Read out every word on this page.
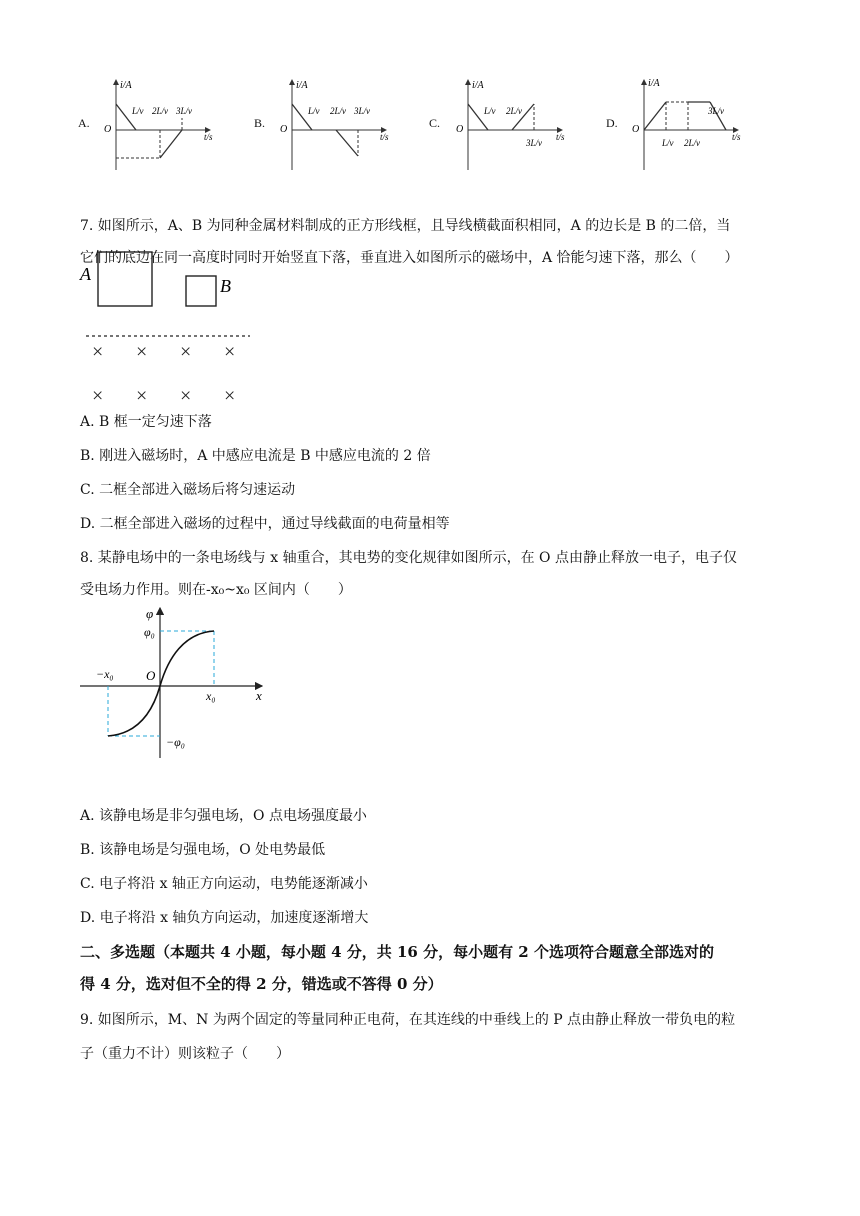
A.	B.	C.	D.
i/A
t/s
O
L/v 2L/v 3L/v
i/A
t/s
O
L/v 2L/v 3L/v
i/A
t/s
O
L/v 2L/v
3L/v
i/A
t/s
O
L/v 2L/v
3L/v
7. 如图所示，A、B 为同种金属材料制成的正方形线框，且导线横截面积相同，A 的边长是 B 的二倍，当
它们的底边在同一高度时同时开始竖直下落，垂直进入如图所示的磁场中，A 恰能匀速下落，那么（　　）
A
B
× × × ×
× × × ×
A. B 框一定匀速下落
B. 刚进入磁场时，A 中感应电流是 B 中感应电流的 2 倍
C. 二框全部进入磁场后将匀速运动
D. 二框全部进入磁场的过程中，通过导线截面的电荷量相等
8. 某静电场中的一条电场线与 x 轴重合，其电势的变化规律如图所示，在 O 点由静止释放一电子，电子仅
受电场力作用。则在-x₀~x₀ 区间内（　　）
φ
x
O
φ₀
−φ₀
−x₀
x₀
A. 该静电场是非匀强电场，O 点电场强度最小
B. 该静电场是匀强电场，O 处电势最低
C. 电子将沿 x 轴正方向运动，电势能逐渐减小
D. 电子将沿 x 轴负方向运动，加速度逐渐增大
二、多选题（本题共 4 小题，每小题 4 分，共 16 分，每小题有 2 个选项符合题意全部选对的
得 4 分，选对但不全的得 2 分，错选或不答得 0 分）
9. 如图所示，M、N 为两个固定的等量同种正电荷，在其连线的中垂线上的 P 点由静止释放一带负电的粒
子（重力不计）则该粒子（　　）
